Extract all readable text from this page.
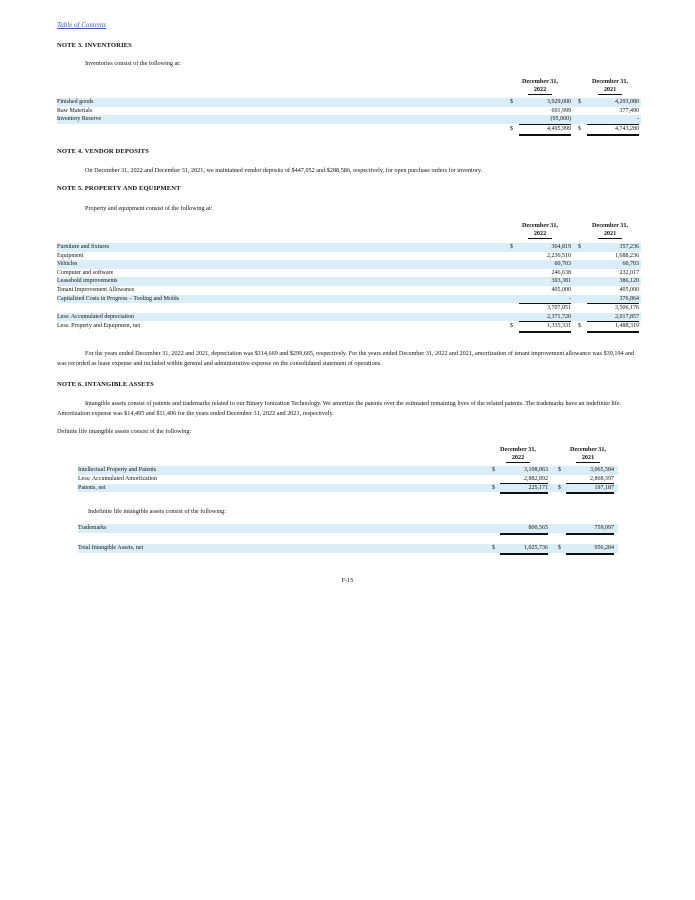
Table of Contents
NOTE 3. INVENTORIES
Inventories consist of the following at:
December 31,
2022
December 31,
2021
Finished goods	$	3,929,000 $	4,293,080
Raw Materials	691,999	377,490
Inventory Reserve	(95,000)	-
$	4,495,999 $	4,743,280
NOTE 4. VENDOR DEPOSITS
On December 31, 2022 and December 31, 2021, we maintained vendor deposits of $447,052 and $288,586, respectively, for open purchase orders for inventory.
NOTE 5. PROPERTY AND EQUIPMENT
Property and equipment consist of the following at:
December 31,
2022
December 31,
2021
Furniture and fixtures	$	364,819 $	357,236
Equipment	2,236,510	1,688,236
Vehicles	60,703	60,703
Computer and software	246,638	232,017
Leasehold improvements	393,381	386,120
Tenant Improvement Allowance	405,000	405,000
Capitalized Costs in Progress – Tooling and Molds	-	376,864
3,707,051	3,506,176
Less: Accumulated depreciation	2,371,720	2,017,857
Less: Property and Equipment, net	$	1,335,331 $	1,488,319
For the years ended December 31, 2022 and 2021, depreciation was $314,669 and $299,665, respectively. For the years ended December 31, 2022 and 2021, amortization of tenant improvement allowance was $39,194 and was recorded as lease expense and included within general and administrative expense on the consolidated statement of operations.
NOTE 6. INTANGIBLE ASSETS
Intangible assets consist of patents and trademarks related to our Binary Ionization Technology. We amortize the patents over the estimated remaining lives of the related patents. The trademarks have an indefinite life. Amortization expense was $14,495 and $11,406 for the years ended December 31, 2022 and 2021, respectively.
Definite life intangible assets consist of the following:
December 31,
2022
December 31,
2021
Intellectual Property and Patents	$	3,108,063 $	3,065,584
Less: Accumulated Amortization	2,882,892	2,868,397
Patents, net	$	225,171 $	197,187
Indefinite life intangible assets consist of the following:
Trademarks	800,565	759,097
Total Intangible Assets, net	$	1,025,736 $	956,284
F-15
